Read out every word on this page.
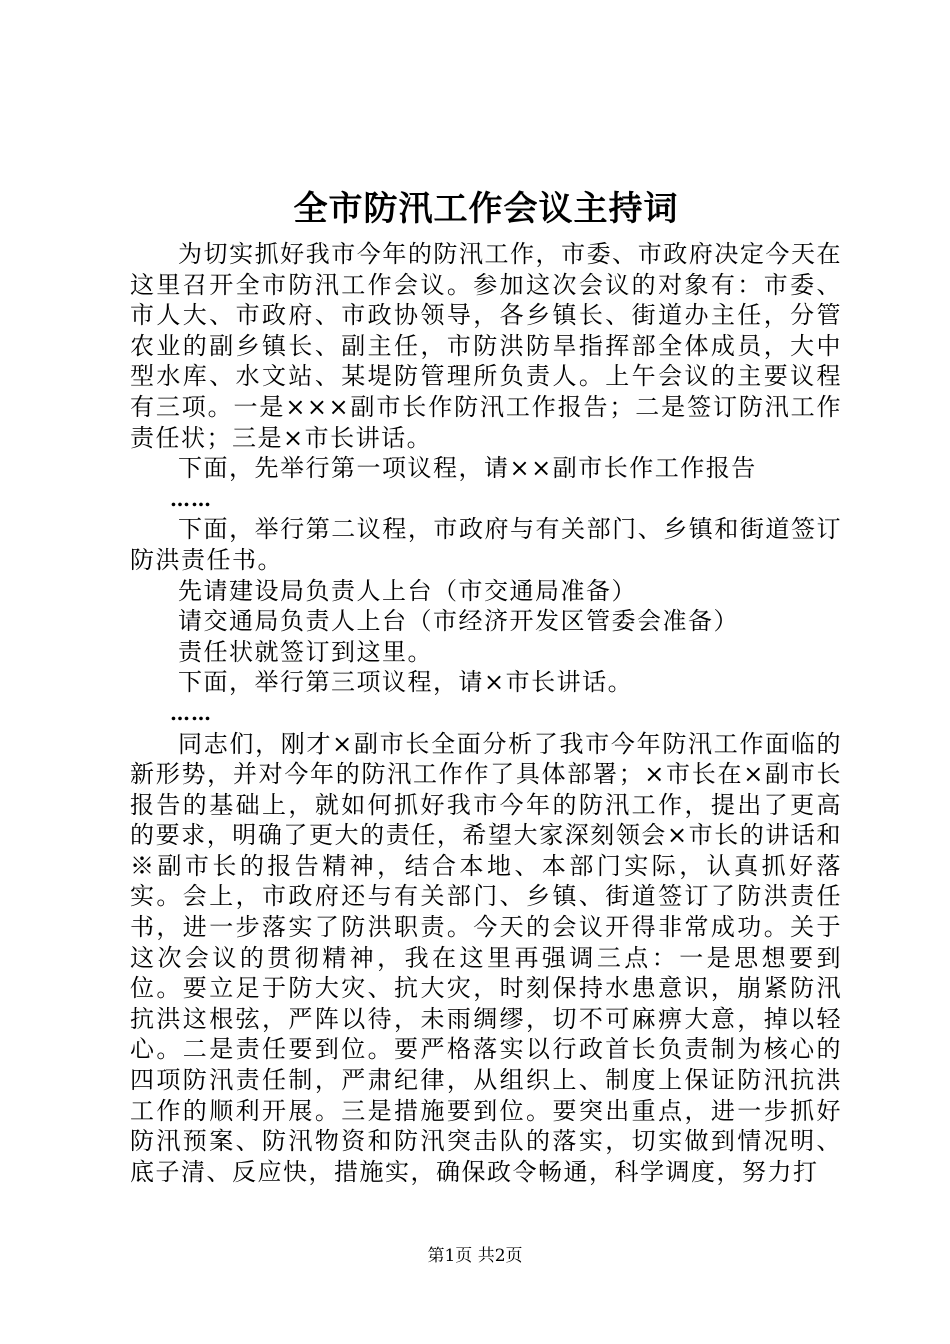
全市防汛工作会议主持词

为切实抓好我市今年的防汛工作，市委、市政府决定今天在这里召开全市防汛工作会议。参加这次会议的对象有：市委、市人大、市政府、市政协领导，各乡镇长、街道办主任，分管农业的副乡镇长、副主任，市防洪防旱指挥部全体成员，大中型水库、水文站、某堤防管理所负责人。上午会议的主要议程有三项。一是×××副市长作防汛工作报告；二是签订防汛工作责任状；三是×市长讲话。

下面，先举行第一项议程，请××副市长作工作报告

……

下面，举行第二议程，市政府与有关部门、乡镇和街道签订防洪责任书。

先请建设局负责人上台（市交通局准备）

请交通局负责人上台（市经济开发区管委会准备）

责任状就签订到这里。

下面，举行第三项议程，请×市长讲话。

……

同志们，刚才×副市长全面分析了我市今年防汛工作面临的新形势，并对今年的防汛工作作了具体部署；×市长在×副市长报告的基础上，就如何抓好我市今年的防汛工作，提出了更高的要求，明确了更大的责任，希望大家深刻领会×市长的讲话和※副市长的报告精神，结合本地、本部门实际，认真抓好落实。会上，市政府还与有关部门、乡镇、街道签订了防洪责任书，进一步落实了防洪职责。今天的会议开得非常成功。关于这次会议的贯彻精神，我在这里再强调三点：一是思想要到位。要立足于防大灾、抗大灾，时刻保持水患意识，崩紧防汛抗洪这根弦，严阵以待，未雨绸缪，切不可麻痹大意，掉以轻心。二是责任要到位。要严格落实以行政首长负责制为核心的四项防汛责任制，严肃纪律，从组织上、制度上保证防汛抗洪工作的顺利开展。三是措施要到位。要突出重点，进一步抓好防汛预案、防汛物资和防汛突击队的落实，切实做到情况明、底子清、反应快，措施实，确保政令畅通，科学调度，努力打

第1页 共2页
